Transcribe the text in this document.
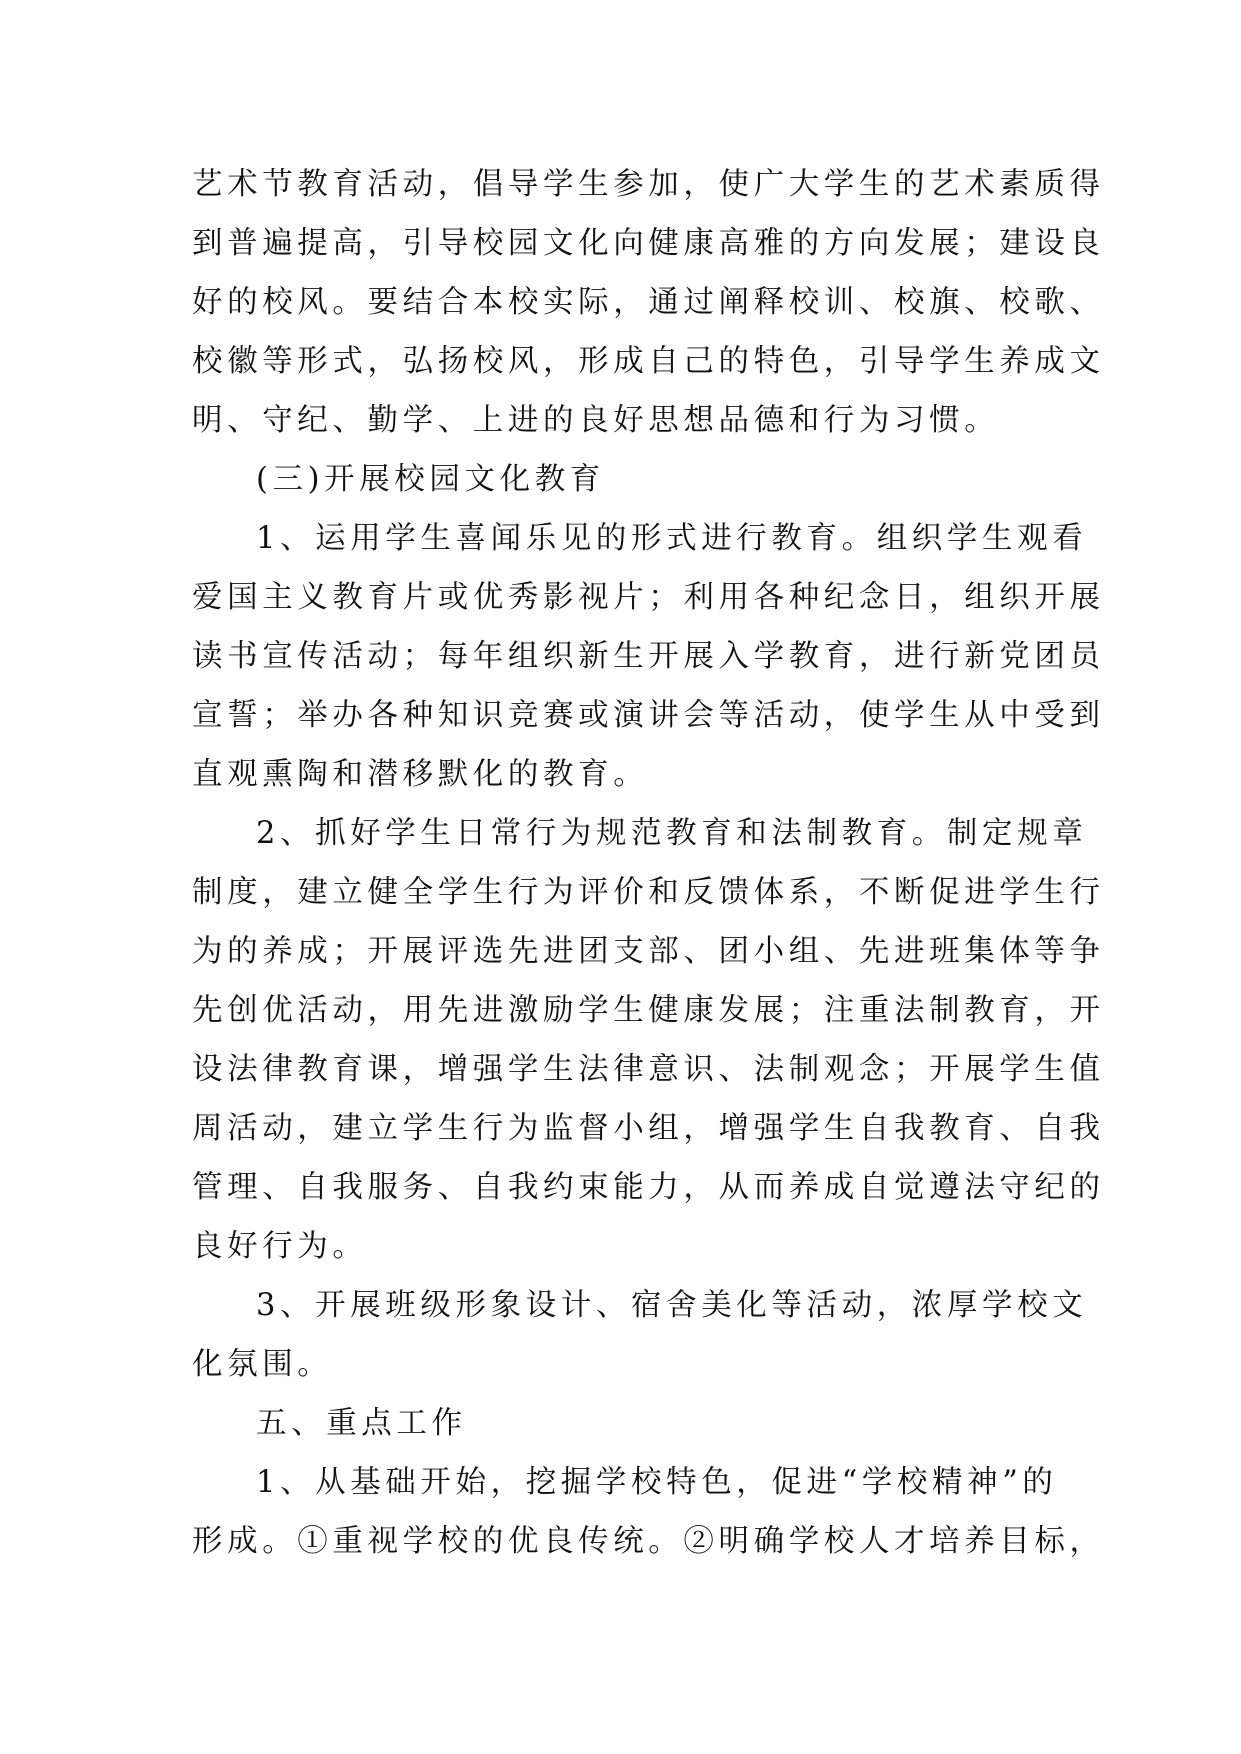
艺术节教育活动，倡导学生参加，使广大学生的艺术素质得
到普遍提高，引导校园文化向健康高雅的方向发展；建设良
好的校风。要结合本校实际，通过阐释校训、校旗、校歌、
校徽等形式，弘扬校风，形成自己的特色，引导学生养成文
明、守纪、勤学、上进的良好思想品德和行为习惯。
(三)开展校园文化教育
1、运用学生喜闻乐见的形式进行教育。组织学生观看
爱国主义教育片或优秀影视片；利用各种纪念日，组织开展
读书宣传活动；每年组织新生开展入学教育，进行新党团员
宣誓；举办各种知识竞赛或演讲会等活动，使学生从中受到
直观熏陶和潜移默化的教育。
2、抓好学生日常行为规范教育和法制教育。制定规章
制度，建立健全学生行为评价和反馈体系，不断促进学生行
为的养成；开展评选先进团支部、团小组、先进班集体等争
先创优活动，用先进激励学生健康发展；注重法制教育，开
设法律教育课，增强学生法律意识、法制观念；开展学生值
周活动，建立学生行为监督小组，增强学生自我教育、自我
管理、自我服务、自我约束能力，从而养成自觉遵法守纪的
良好行为。
3、开展班级形象设计、宿舍美化等活动，浓厚学校文
化氛围。
五、重点工作
1、从基础开始，挖掘学校特色，促进“学校精神”的
形成。①重视学校的优良传统。②明确学校人才培养目标，
